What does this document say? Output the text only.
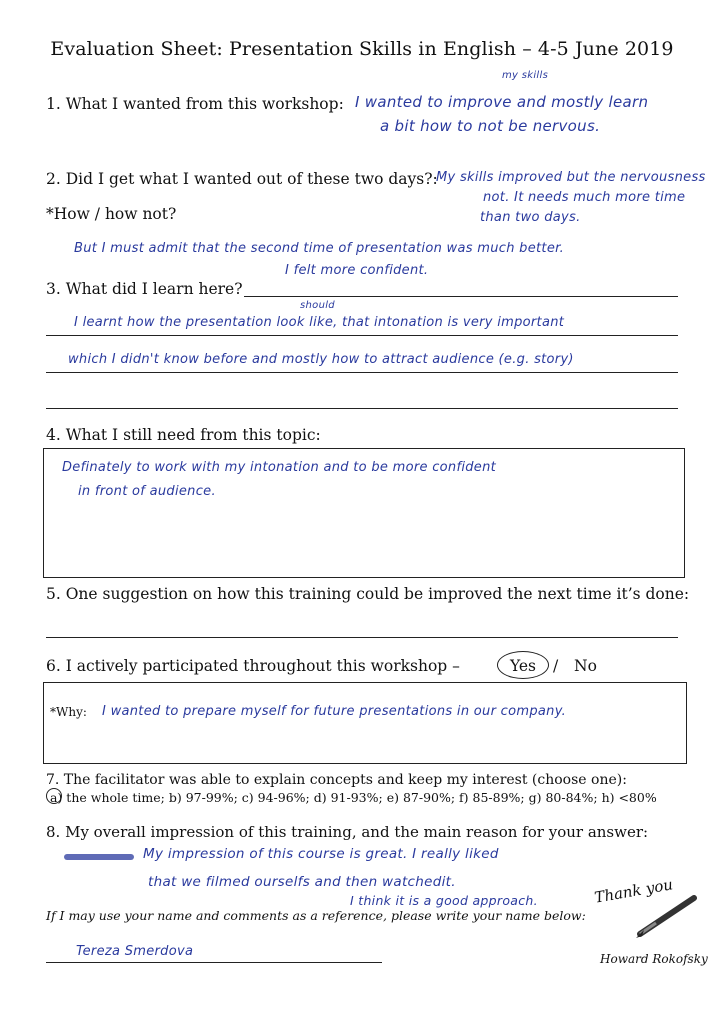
Evaluation Sheet: Presentation Skills in English – 4-5 June 2019
1. What I wanted from this workshop:
my skills
I wanted to improve and mostly learn
a bit how to not be nervous.
2. Did I get what I wanted out of these two days?:
My skills improved but the nervousness
not. It needs much more time
than two days.
*How / how not?
But I must admit that the second time of presentation was much better.
I felt more confident.
3. What did I learn here?
should
I learnt how the presentation look like, that intonation is very important
which I didn't know before and mostly how to attract audience (e.g. story)
4. What I still need from this topic:
Definately to work with my intonation and to be more confident
in front of audience.
5. One suggestion on how this training could be improved the next time it’s done:
6. I actively participated throughout this workshop –	Yes / No
*Why: I wanted to prepare myself for future presentations in our company.
7. The facilitator was able to explain concepts and keep my interest (choose one):
a) the whole time; b) 97-99%; c) 94-96%; d) 91-93%; e) 87-90%; f) 85-89%; g) 80-84%; h) <80%
8. My overall impression of this training, and the main reason for your answer:
My impression of this course is great. I really liked
that we filmed ourselfs and then watchedit.
I think it is a good approach.
If I may use your name and comments as a reference, please write your name below:
Tereza Smerdova
Thank you
Howard Rokofsky
